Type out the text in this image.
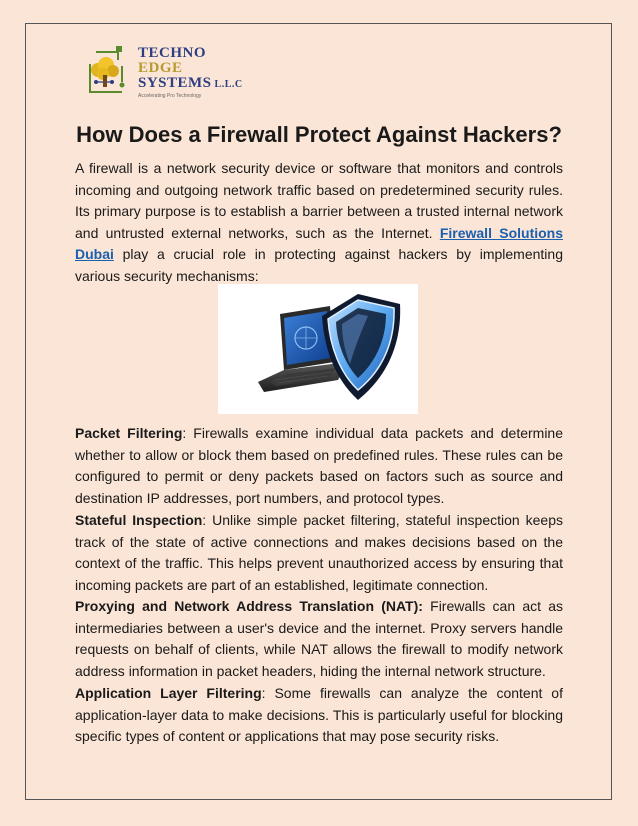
TECHNO
EDGE
SYSTEMS L.L.C
Accelerating Pro Technology
How Does a Firewall Protect Against Hackers?

A firewall is a network security device or software that monitors and controls incoming and outgoing network traffic based on predetermined security rules. Its primary purpose is to establish a barrier between a trusted internal network and untrusted external networks, such as the Internet. Firewall Solutions Dubai play a crucial role in protecting against hackers by implementing various security mechanisms:

Packet Filtering: Firewalls examine individual data packets and determine whether to allow or block them based on predefined rules. These rules can be configured to permit or deny packets based on factors such as source and destination IP addresses, port numbers, and protocol types.

Stateful Inspection: Unlike simple packet filtering, stateful inspection keeps track of the state of active connections and makes decisions based on the context of the traffic. This helps prevent unauthorized access by ensuring that incoming packets are part of an established, legitimate connection.

Proxying and Network Address Translation (NAT): Firewalls can act as intermediaries between a user's device and the internet. Proxy servers handle requests on behalf of clients, while NAT allows the firewall to modify network address information in packet headers, hiding the internal network structure.

Application Layer Filtering: Some firewalls can analyze the content of application-layer data to make decisions. This is particularly useful for blocking specific types of content or applications that may pose security risks.
